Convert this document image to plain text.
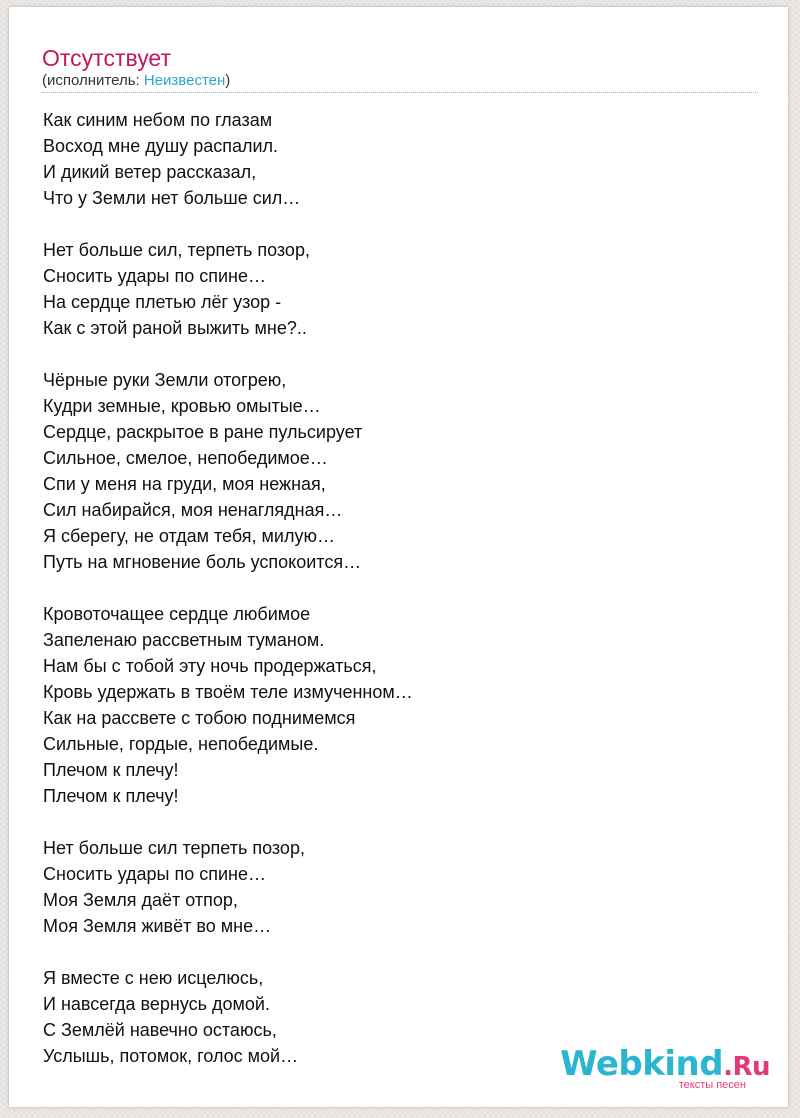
Отсутствует
(исполнитель: Неизвестен)
Как синим небом по глазам
Восход мне душу распалил.
И дикий ветер рассказал,
Что у Земли нет больше сил…
Нет больше сил, терпеть позор,
Сносить удары по спине…
На сердце плетью лёг узор -
Как с этой раной выжить мне?..
Чёрные руки Земли отогрею,
Кудри земные, кровью омытые…
Сердце, раскрытое в ране пульсирует
Сильное, смелое, непобедимое…
Спи у меня на груди, моя нежная,
Сил набирайся, моя ненаглядная…
Я сберегу, не отдам тебя, милую…
Путь на мгновение боль успокоится…
Кровоточащее сердце любимое
Запеленаю рассветным туманом.
Нам бы с тобой эту ночь продержаться,
Кровь удержать в твоём теле измученном…
Как на рассвете с тобою поднимемся
Сильные, гордые, непобедимые.
Плечом к плечу!
Плечом к плечу!
Нет больше сил терпеть позор,
Сносить удары по спине…
Моя Земля даёт отпор,
Моя Земля живёт во мне…
Я вместе с нею исцелюсь,
И навсегда вернусь домой.
С Землёй навечно остаюсь,
Услышь, потомок, голос мой…	Webkind.Ru
тексты песен
